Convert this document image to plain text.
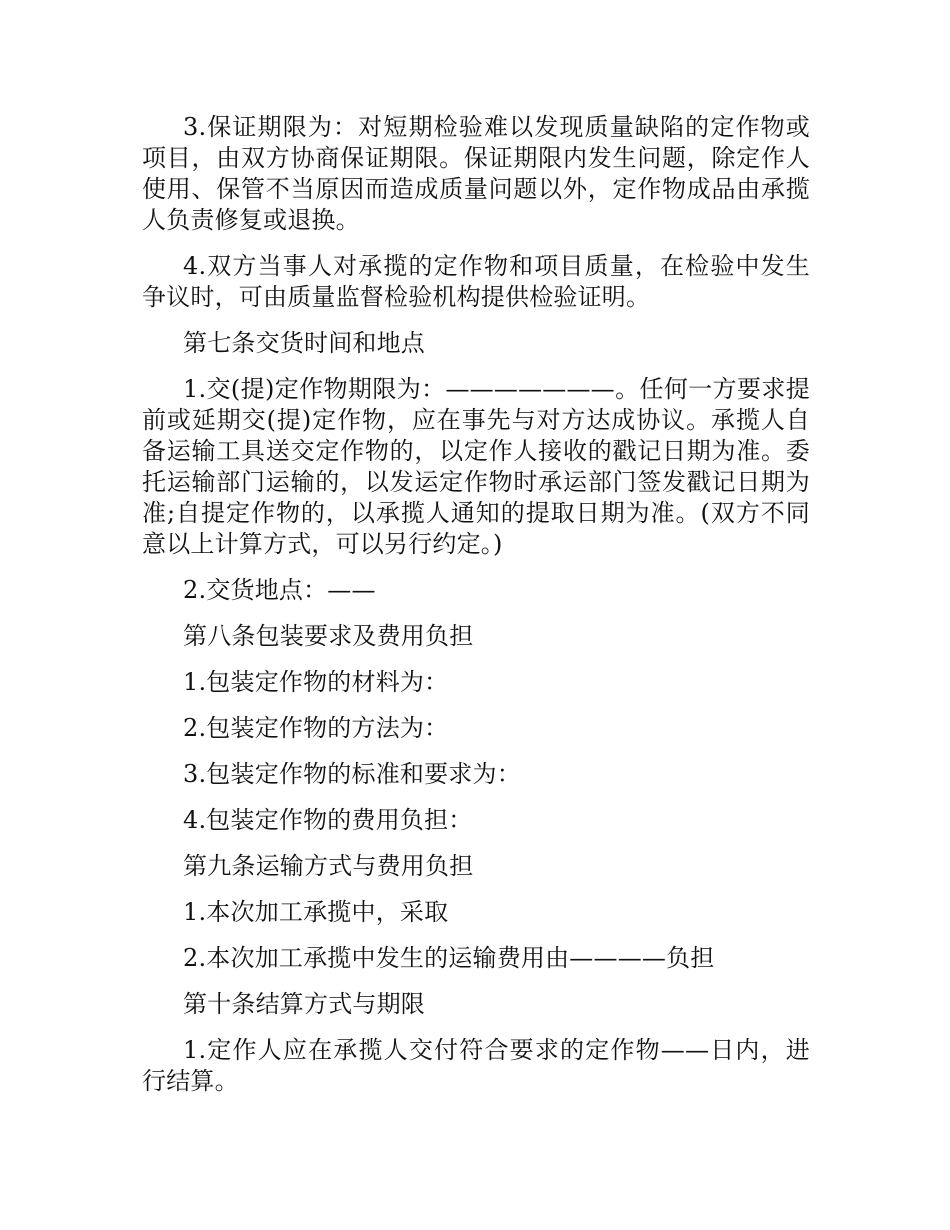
3.保证期限为：对短期检验难以发现质量缺陷的定作物或项目，由双方协商保证期限。保证期限内发生问题，除定作人使用、保管不当原因而造成质量问题以外，定作物成品由承揽人负责修复或退换。

4.双方当事人对承揽的定作物和项目质量，在检验中发生争议时，可由质量监督检验机构提供检验证明。

第七条交货时间和地点

1.交(提)定作物期限为：———————。任何一方要求提前或延期交(提)定作物，应在事先与对方达成协议。承揽人自备运输工具送交定作物的，以定作人接收的戳记日期为准。委托运输部门运输的，以发运定作物时承运部门签发戳记日期为准;自提定作物的，以承揽人通知的提取日期为准。(双方不同意以上计算方式，可以另行约定。)

2.交货地点：——

第八条包装要求及费用负担

1.包装定作物的材料为：

2.包装定作物的方法为：

3.包装定作物的标准和要求为：

4.包装定作物的费用负担：

第九条运输方式与费用负担

1.本次加工承揽中，采取

2.本次加工承揽中发生的运输费用由————负担

第十条结算方式与期限

1.定作人应在承揽人交付符合要求的定作物——日内，进行结算。
